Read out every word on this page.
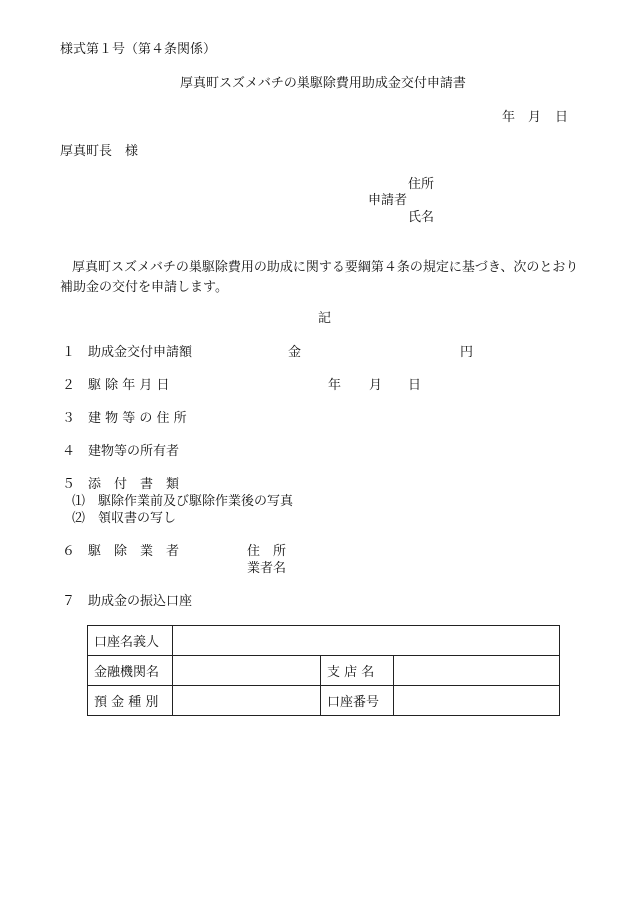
様式第１号（第４条関係）
厚真町スズメバチの巣駆除費用助成金交付申請書
年 月 日
厚真町長　様
住所
申請者
氏名
厚真町スズメバチの巣駆除費用の助成に関する要綱第４条の規定に基づき、次のとおり補助金の交付を申請します。
記
１ 助成金交付申請額	金	円
２ 駆 除 年 月 日	年 月 日
３ 建 物 等 の 住 所
４ 建物等の所有者
５ 添　付　書　類
⑴　駆除作業前及び駆除作業後の写真
⑵　領収書の写し
６ 駆　除　業　者	住　所
業者名
７ 助成金の振込口座
口座名義人			
金融機関名		支 店 名	
預 金 種 別		口座番号	
